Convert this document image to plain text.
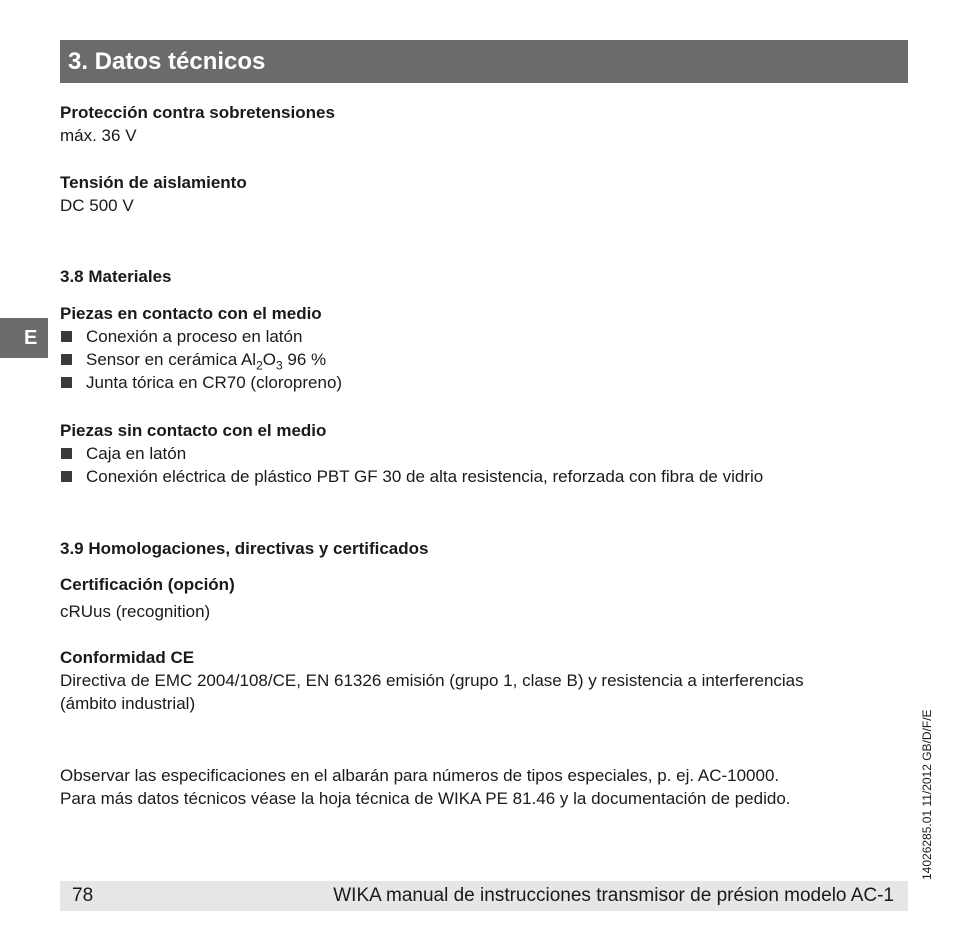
3. Datos técnicos
E
Protección contra sobretensiones
máx. 36 V
Tensión de aislamiento
DC 500 V
3.8 Materiales
Piezas en contacto con el medio
Conexión a proceso en latón
Sensor en cerámica $Al_2O_3$ 96 %
Junta tórica en CR70 (cloropreno)
Piezas sin contacto con el medio
Caja en latón
Conexión eléctrica de plástico PBT GF 30 de alta resistencia, reforzada con fibra de vidrio
3.9 Homologaciones, directivas y certificados
Certificación (opción)
cRUus (recognition)
Conformidad CE
Directiva de EMC 2004/108/CE, EN 61326 emisión (grupo 1, clase B) y resistencia a interferencias
(ámbito industrial)
Observar las especificaciones en el albarán para números de tipos especiales, p. ej. AC-10000.
Para más datos técnicos véase la hoja técnica de WIKA PE 81.46 y la documentación de pedido.	14026285.01 11/2012 GB/D/F/E
78	WIKA manual de instrucciones transmisor de présion modelo AC-1
